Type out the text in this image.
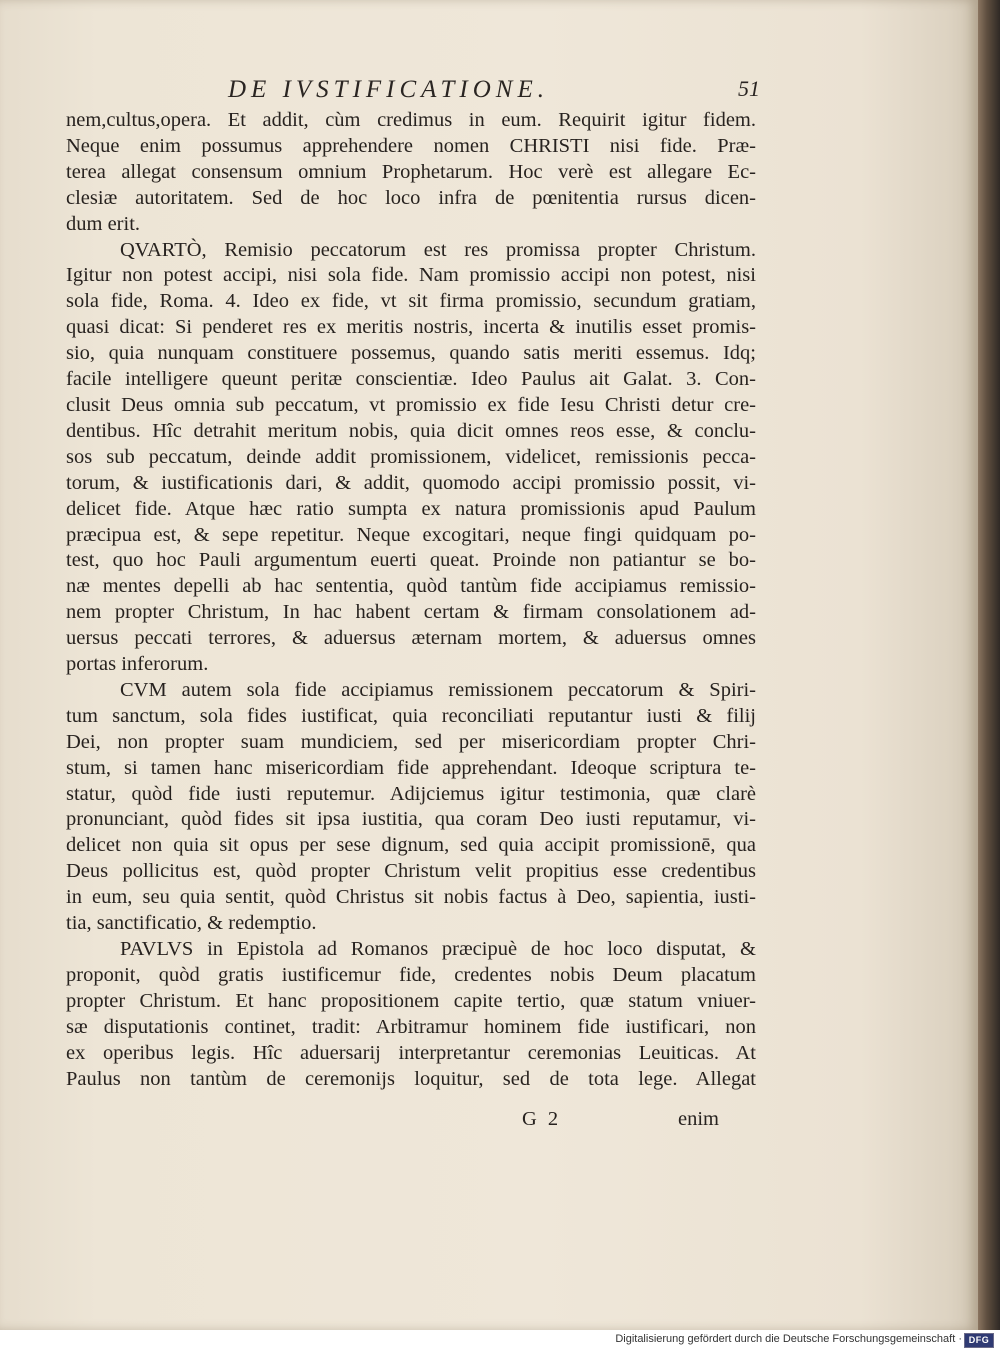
DE IVSTIFICATIONE.	51
nem,cultus,opera. Et addit, cùm credimus in eum. Requirit igitur fidem.
Neque enim possumus apprehendere nomen CHRISTI nisi fide. Præ-
terea allegat consensum omnium Prophetarum. Hoc verè est allegare Ec-
clesiæ autoritatem. Sed de hoc loco infra de pœnitentia rursus dicen-
dum erit.
QVARTÒ, Remisio peccatorum est res promissa propter Christum.
Igitur non potest accipi, nisi sola fide. Nam promissio accipi non potest, nisi
sola fide, Roma. 4. Ideo ex fide, vt sit firma promissio, secundum gratiam,
quasi dicat: Si penderet res ex meritis nostris, incerta & inutilis esset promis-
sio, quia nunquam constituere possemus, quando satis meriti essemus. Idq;
facile intelligere queunt peritæ conscientiæ. Ideo Paulus ait Galat. 3. Con-
clusit Deus omnia sub peccatum, vt promissio ex fide Iesu Christi detur cre-
dentibus. Hîc detrahit meritum nobis, quia dicit omnes reos esse, & conclu-
sos sub peccatum, deinde addit promissionem, videlicet, remissionis pecca-
torum, & iustificationis dari, & addit, quomodo accipi promissio possit, vi-
delicet fide. Atque hæc ratio sumpta ex natura promissionis apud Paulum
præcipua est, & sepe repetitur. Neque excogitari, neque fingi quidquam po-
test, quo hoc Pauli argumentum euerti queat. Proinde non patiantur se bo-
næ mentes depelli ab hac sententia, quòd tantùm fide accipiamus remissio-
nem propter Christum, In hac habent certam & firmam consolationem ad-
uersus peccati terrores, & aduersus æternam mortem, & aduersus omnes
portas inferorum.
CVM autem sola fide accipiamus remissionem peccatorum & Spiri-
tum sanctum, sola fides iustificat, quia reconciliati reputantur iusti & filij
Dei, non propter suam mundiciem, sed per misericordiam propter Chri-
stum, si tamen hanc misericordiam fide apprehendant. Ideoque scriptura te-
statur, quòd fide iusti reputemur. Adijciemus igitur testimonia, quæ clarè
pronunciant, quòd fides sit ipsa iustitia, qua coram Deo iusti reputamur, vi-
delicet non quia sit opus per sese dignum, sed quia accipit promissionē, qua
Deus pollicitus est, quòd propter Christum velit propitius esse credentibus
in eum, seu quia sentit, quòd Christus sit nobis factus à Deo, sapientia, iusti-
tia, sanctificatio, & redemptio.
PAVLVS in Epistola ad Romanos præcipuè de hoc loco disputat, &
proponit, quòd gratis iustificemur fide, credentes nobis Deum placatum
propter Christum. Et hanc propositionem capite tertio, quæ statum vniuer-
sæ disputationis continet, tradit: Arbitramur hominem fide iustificari, non
ex operibus legis. Hîc aduersarij interpretantur ceremonias Leuiticas. At
Paulus non tantùm de ceremonijs loquitur, sed de tota lege. Allegat
G 2	enim
Digitalisierung gefördert durch die Deutsche Forschungsgemeinschaft · DFG
